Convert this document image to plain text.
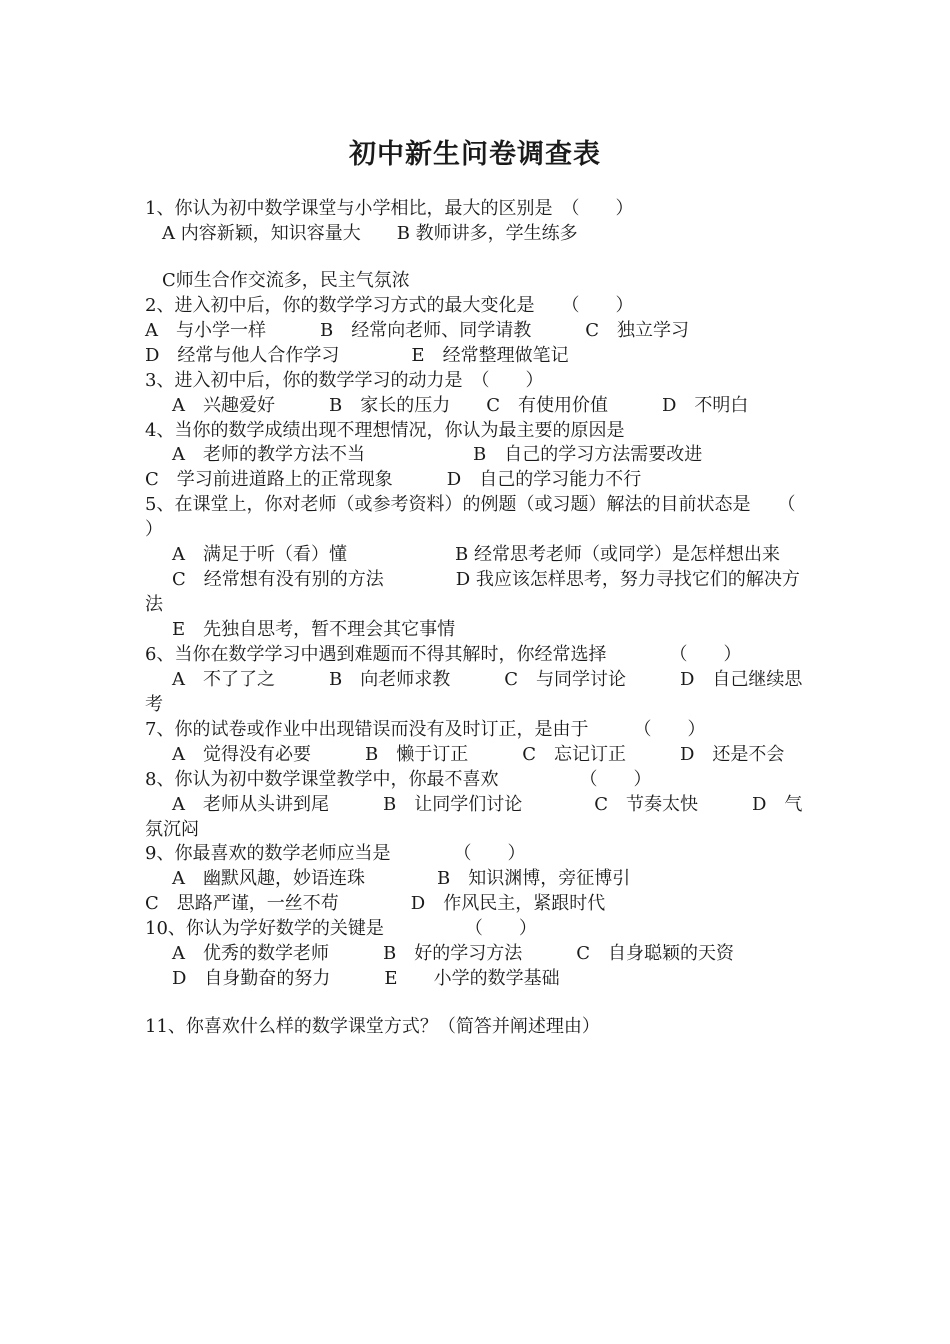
初中新生问卷调查表
1、你认为初中数学课堂与小学相比，最大的区别是　（　　）
A 内容新颖，知识容量大　　B 教师讲多，学生练多
C师生合作交流多，民主气氛浓
2、进入初中后，你的数学学习方式的最大变化是　　（　　）
A　与小学一样　　　B　经常向老师、同学请教　　　C　独立学习
D　经常与他人合作学习　　　　E　经常整理做笔记
3、进入初中后，你的数学学习的动力是　（　　）
A　兴趣爱好　　　B　家长的压力　　C　有使用价值　　　D　不明白
4、当你的数学成绩出现不理想情况，你认为最主要的原因是
A　老师的教学方法不当　　　　　　B　自己的学习方法需要改进
C　学习前进道路上的正常现象　　　D　自己的学习能力不行
5、在课堂上，你对老师（或参考资料）的例题（或习题）解法的目前状态是　　（
）
A　满足于听（看）懂　　　　　　B 经常思考老师（或同学）是怎样想出来
C　经常想有没有别的方法　　　　D 我应该怎样思考，努力寻找它们的解决方
法
E　先独自思考，暂不理会其它事情
6、当你在数学学习中遇到难题而不得其解时，你经常选择　　　　（　　）
A　不了了之　　　B　向老师求教　　　C　与同学讨论　　　D　自己继续思
考
7、你的试卷或作业中出现错误而没有及时订正，是由于　　　（　　）
A　觉得没有必要　　　B　懒于订正　　　C　忘记订正　　　D　还是不会
8、你认为初中数学课堂教学中，你最不喜欢　　　　　（　　）
A　老师从头讲到尾　　　B　让同学们讨论　　　　C　节奏太快　　　D　气
氛沉闷
9、你最喜欢的数学老师应当是　　　　（　　）
A　幽默风趣，妙语连珠　　　　B　知识渊博，旁征博引
C　思路严谨，一丝不苟　　　　D　作风民主，紧跟时代
10、你认为学好数学的关键是　　　　　（　　）
A　优秀的数学老师　　　B　好的学习方法　　　C　自身聪颖的天资
D　自身勤奋的努力　　　E　　小学的数学基础
11、你喜欢什么样的数学课堂方式？（简答并阐述理由）
